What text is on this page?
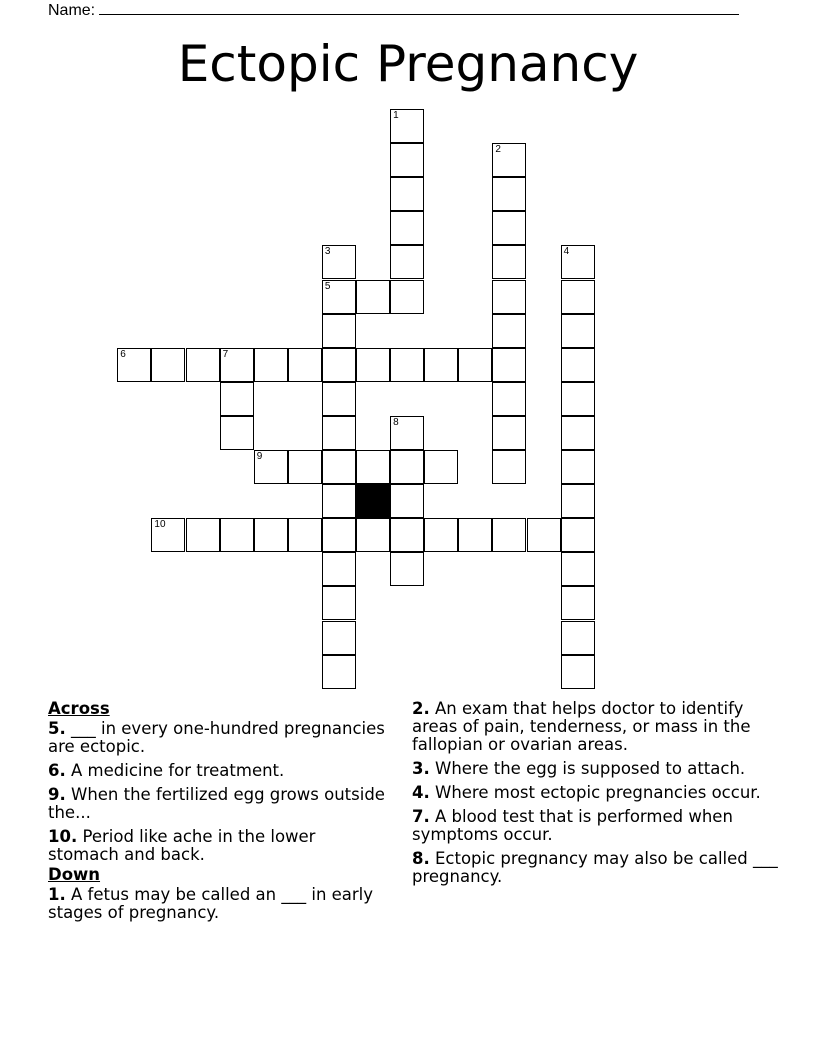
Name:
Ectopic Pregnancy
1
2
3
5
4
6	7
8
9
10
Across
5. ___ in every one-hundred pregnancies are ectopic.
6. A medicine for treatment.
9. When the fertilized egg grows outside the...
10. Period like ache in the lower stomach and back.
Down
1. A fetus may be called an ___ in early stages of pregnancy.
2. An exam that helps doctor to identify areas of pain, tenderness, or mass in the fallopian or ovarian areas.
3. Where the egg is supposed to attach.
4. Where most ectopic pregnancies occur.
7. A blood test that is performed when symptoms occur.
8. Ectopic pregnancy may also be called ___ pregnancy.
